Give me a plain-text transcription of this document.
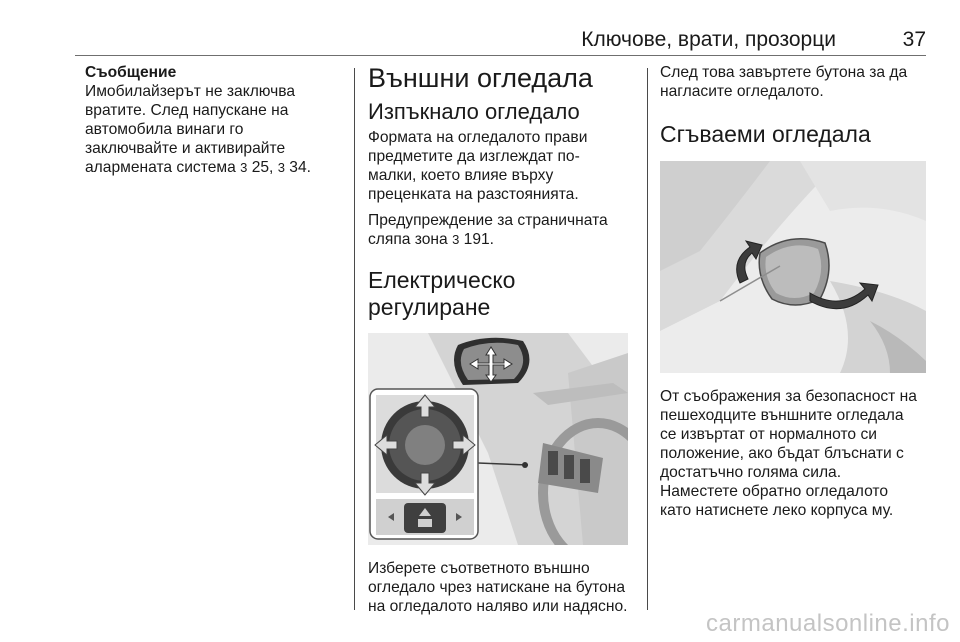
Ключове, врати, прозорци	37
Съобщение
Имобилайзерът не заключва
вратите. След напускане на
автомобила винаги го
заключвайте и активирайте
алармената система 3 25, 3 34.
Външни огледала
Изпъкнало огледало
Формата на огледалото прави
предметите да изглеждат по-
малки, което влияе върху
преценката на разстоянията.
Предупреждение за страничната
сляпа зона 3 191.
Електрическо регулиране
Изберете съответното външно
огледало чрез натискане на бутона
на огледалото наляво или надясно.
След това завъртете бутона за да
нагласите огледалото.
Сгъваеми огледала
От съображения за безопасност на
пешеходците външните огледала
се извъртат от нормалното си
положение, ако бъдат блъснати с
достатъчно голяма сила.
Наместете обратно огледалото
като натиснете леко корпуса му.
carmanualsonline.info
